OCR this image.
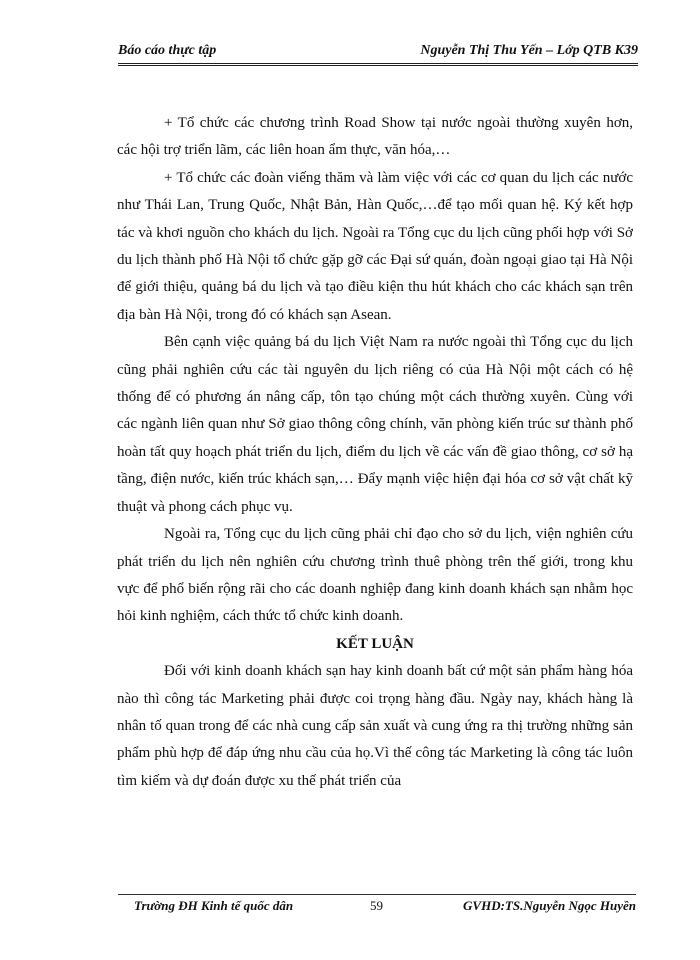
Báo cáo thực tập	Nguyễn Thị Thu Yến – Lớp QTB K39

+ Tổ chức các chương trình Road Show tại nước ngoài thường xuyên hơn, các hội trợ triển lãm, các liên hoan ẩm thực, văn hóa,…

+ Tổ chức các đoàn viếng thăm và làm việc với các cơ quan du lịch các nước như Thái Lan, Trung Quốc, Nhật Bản, Hàn Quốc,…để tạo mối quan hệ. Ký kết hợp tác và khơi nguồn cho khách du lịch. Ngoài ra Tổng cục du lịch cũng phối hợp với Sở du lịch thành phố Hà Nội tổ chức gặp gỡ các Đại sứ quán, đoàn ngoại giao tại Hà Nội để giới thiệu, quảng bá du lịch và tạo điều kiện thu hút khách cho các khách sạn trên địa bàn Hà Nội, trong đó có khách sạn Asean.

Bên cạnh việc quảng bá du lịch Việt Nam ra nước ngoài thì Tổng cục du lịch cũng phải nghiên cứu các tài nguyên du lịch riêng có của Hà Nội một cách có hệ thống để có phương án nâng cấp, tôn tạo chúng một cách thường xuyên. Cùng với các ngành liên quan như Sở giao thông công chính, văn phòng kiến trúc sư thành phố hoàn tất quy hoạch phát triển du lịch, điểm du lịch về các vấn đề giao thông, cơ sở hạ tầng, điện nước, kiến trúc khách sạn,… Đẩy mạnh việc hiện đại hóa cơ sở vật chất kỹ thuật và phong cách phục vụ.

Ngoài ra, Tổng cục du lịch cũng phải chỉ đạo cho sở du lịch, viện nghiên cứu phát triển du lịch nên nghiên cứu chương trình thuê phòng trên thế giới, trong khu vực để phổ biến rộng rãi cho các doanh nghiệp đang kinh doanh khách sạn nhằm học hỏi kinh nghiệm, cách thức tổ chức kinh doanh.

KẾT LUẬN

Đối với kinh doanh khách sạn hay kinh doanh bất cứ một sản phẩm hàng hóa nào thì công tác Marketing phải được coi trọng hàng đầu. Ngày nay, khách hàng là nhân tố quan trong để các nhà cung cấp sản xuất và cung ứng ra thị trường những sản phẩm phù hợp để đáp ứng nhu cầu của họ.Vì thế công tác Marketing là công tác luôn tìm kiếm và dự đoán được xu thế phát triển của

Trường ĐH Kinh tế quốc dân	59	GVHD:TS.Nguyễn Ngọc Huyền
